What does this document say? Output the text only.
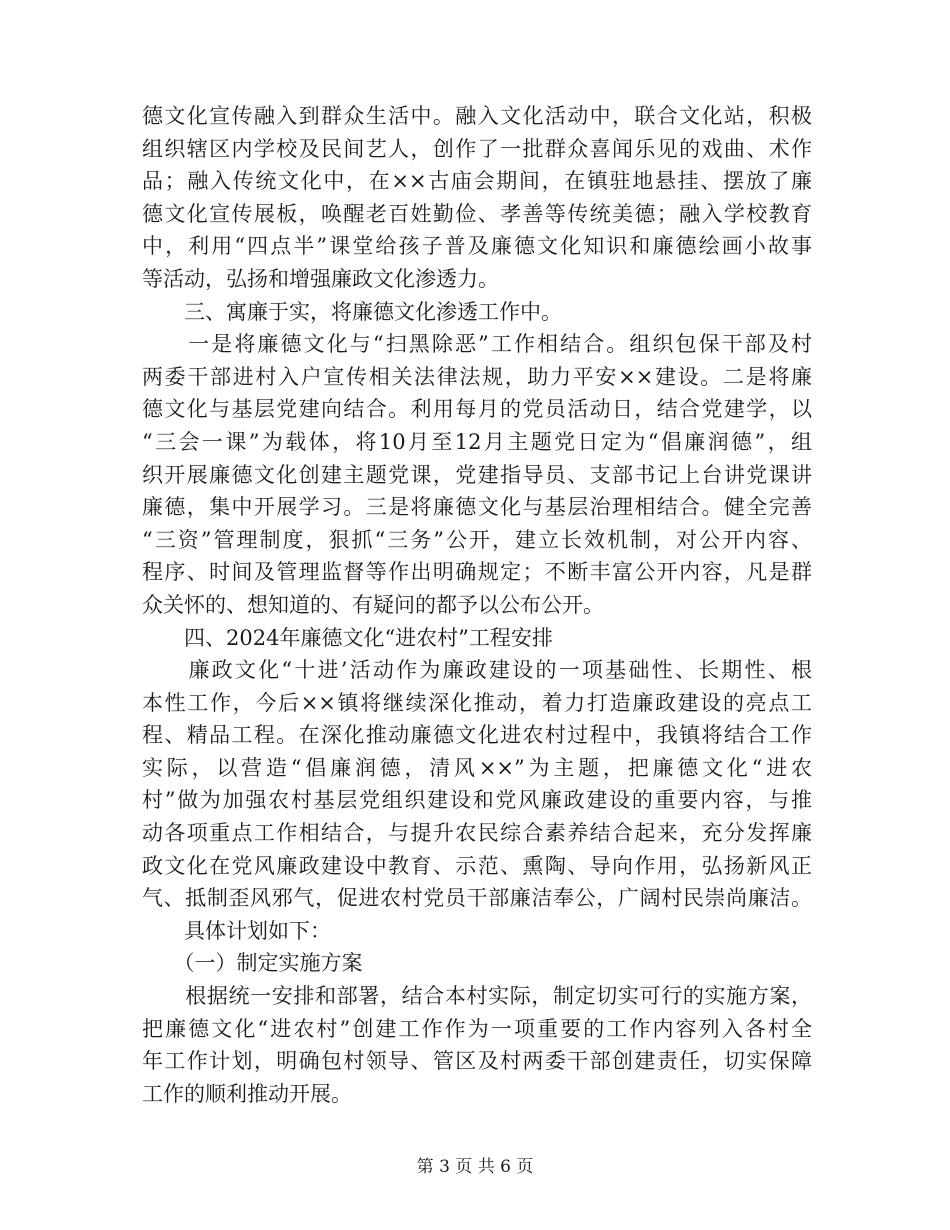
德文化宣传融入到群众生活中。融入文化活动中，联合文化站，积极
组织辖区内学校及民间艺人，创作了一批群众喜闻乐见的戏曲、术作
品；融入传统文化中，在××古庙会期间，在镇驻地悬挂、摆放了廉
德文化宣传展板，唤醒老百姓勤俭、孝善等传统美德；融入学校教育
中，利用“四点半”课堂给孩子普及廉德文化知识和廉德绘画小故事
等活动，弘扬和增强廉政文化渗透力。
　　三、寓廉于实，将廉德文化渗透工作中。
　　一是将廉德文化与“扫黑除恶”工作相结合。组织包保干部及村
两委干部进村入户宣传相关法律法规，助力平安××建设。二是将廉
德文化与基层党建向结合。利用每月的党员活动日，结合党建学，以
“三会一课”为载体，将10月至12月主题党日定为“倡廉润德”，组
织开展廉德文化创建主题党课，党建指导员、支部书记上台讲党课讲
廉德，集中开展学习。三是将廉德文化与基层治理相结合。健全完善
“三资”管理制度，狠抓“三务”公开，建立长效机制，对公开内容、
程序、时间及管理监督等作出明确规定；不断丰富公开内容，凡是群
众关怀的、想知道的、有疑问的都予以公布公开。
　　四、2024年廉德文化“进农村”工程安排
　　廉政文化“十进’活动作为廉政建设的一项基础性、长期性、根
本性工作，今后××镇将继续深化推动，着力打造廉政建设的亮点工
程、精品工程。在深化推动廉德文化进农村过程中，我镇将结合工作
实际，以营造“倡廉润德，清风××”为主题，把廉德文化“进农
村”做为加强农村基层党组织建设和党风廉政建设的重要内容，与推
动各项重点工作相结合，与提升农民综合素养结合起来，充分发挥廉
政文化在党风廉政建设中教育、示范、熏陶、导向作用，弘扬新风正
气、抵制歪风邪气，促进农村党员干部廉洁奉公，广阔村民崇尚廉洁。
　　具体计划如下：
　　（一）制定实施方案
　　根据统一安排和部署，结合本村实际，制定切实可行的实施方案，
把廉德文化“进农村”创建工作作为一项重要的工作内容列入各村全
年工作计划，明确包村领导、管区及村两委干部创建责任，切实保障
工作的顺利推动开展。
第 3 页 共 6 页
